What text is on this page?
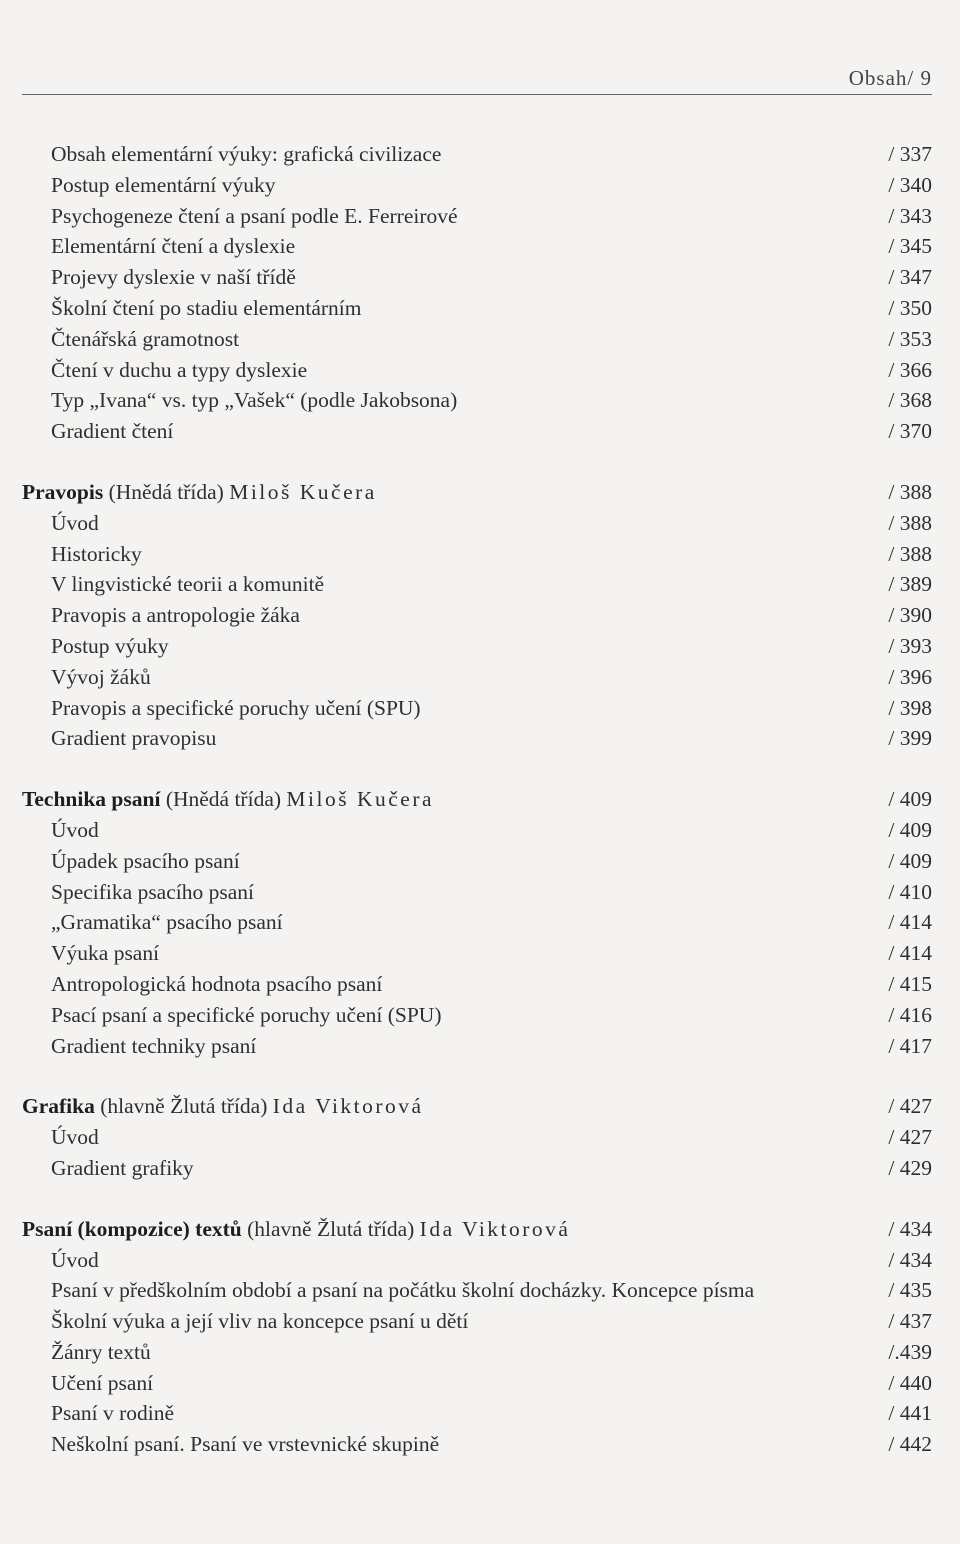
Obsah/ 9
Obsah elementární výuky: grafická civilizace	/ 337
Postup elementární výuky	/ 340
Psychogeneze čtení a psaní podle E. Ferreirové	/ 343
Elementární čtení a dyslexie	/ 345
Projevy dyslexie v naší třídě	/ 347
Školní čtení po stadiu elementárním	/ 350
Čtenářská gramotnost	/ 353
Čtení v duchu a typy dyslexie	/ 366
Typ „Ivana“ vs. typ „Vašek“ (podle Jakobsona)	/ 368
Gradient čtení	/ 370
Pravopis (Hnědá třída) Miloš Kučera	/ 388
Úvod	/ 388
Historicky	/ 388
V lingvistické teorii a komunitě	/ 389
Pravopis a antropologie žáka	/ 390
Postup výuky	/ 393
Vývoj žáků	/ 396
Pravopis a specifické poruchy učení (SPU)	/ 398
Gradient pravopisu	/ 399
Technika psaní (Hnědá třída) Miloš Kučera	/ 409
Úvod	/ 409
Úpadek psacího psaní	/ 409
Specifika psacího psaní	/ 410
„Gramatika“ psacího psaní	/ 414
Výuka psaní	/ 414
Antropologická hodnota psacího psaní	/ 415
Psací psaní a specifické poruchy učení (SPU)	/ 416
Gradient techniky psaní	/ 417
Grafika (hlavně Žlutá třída) Ida Viktorová	/ 427
Úvod	/ 427
Gradient grafiky	/ 429
Psaní (kompozice) textů (hlavně Žlutá třída) Ida Viktorová	/ 434
Úvod	/ 434
Psaní v předškolním období a psaní na počátku školní docházky. Koncepce písma	/ 435
Školní výuka a její vliv na koncepce psaní u dětí	/ 437
Žánry textů	/.439
Učení psaní	/ 440
Psaní v rodině	/ 441
Neškolní psaní. Psaní ve vrstevnické skupině	/ 442
